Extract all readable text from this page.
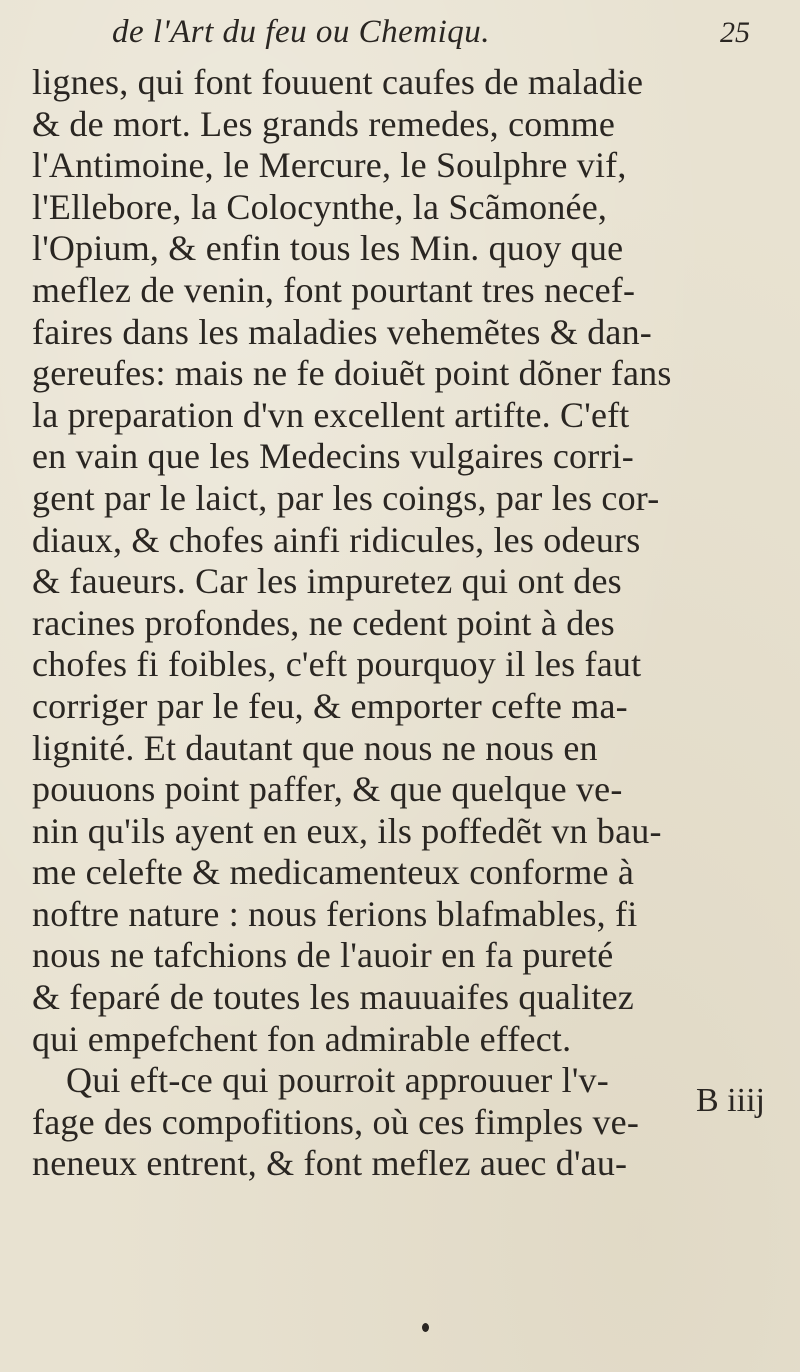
de l'Art du feu ou Chemiqu.	25
lignes, qui font fouuent caufes de maladie
& de mort. Les grands remedes, comme
l'Antimoine, le Mercure, le Soulphre vif,
l'Ellebore, la Colocynthe, la Scãmonée,
l'Opium, & enfin tous les Min. quoy que
meflez de venin, font pourtant tres necef-
faires dans les maladies vehemẽtes & dan-
gereufes: mais ne fe doiuẽt point dõner fans
la preparation d'vn excellent artifte. C'eft
en vain que les Medecins vulgaires corri-
gent par le laict, par les coings, par les cor-
diaux, & chofes ainfi ridicules, les odeurs
& faueurs. Car les impuretez qui ont des
racines profondes, ne cedent point à des
chofes fi foibles, c'eft pourquoy il les faut
corriger par le feu, & emporter cefte ma-
lignité. Et dautant que nous ne nous en
pouuons point paffer, & que quelque ve-
nin qu'ils ayent en eux, ils poffedẽt vn bau-
me celefte & medicamenteux conforme à
noftre nature : nous ferions blafmables, fi
nous ne tafchions de l'auoir en fa pureté
& feparé de toutes les mauuaifes qualitez
qui empefchent fon admirable effect.
Qui eft-ce qui pourroit approuuer l'v-
fage des compofitions, où ces fimples ve-
neneux entrent, & font meflez auec d'au-
B iiij
